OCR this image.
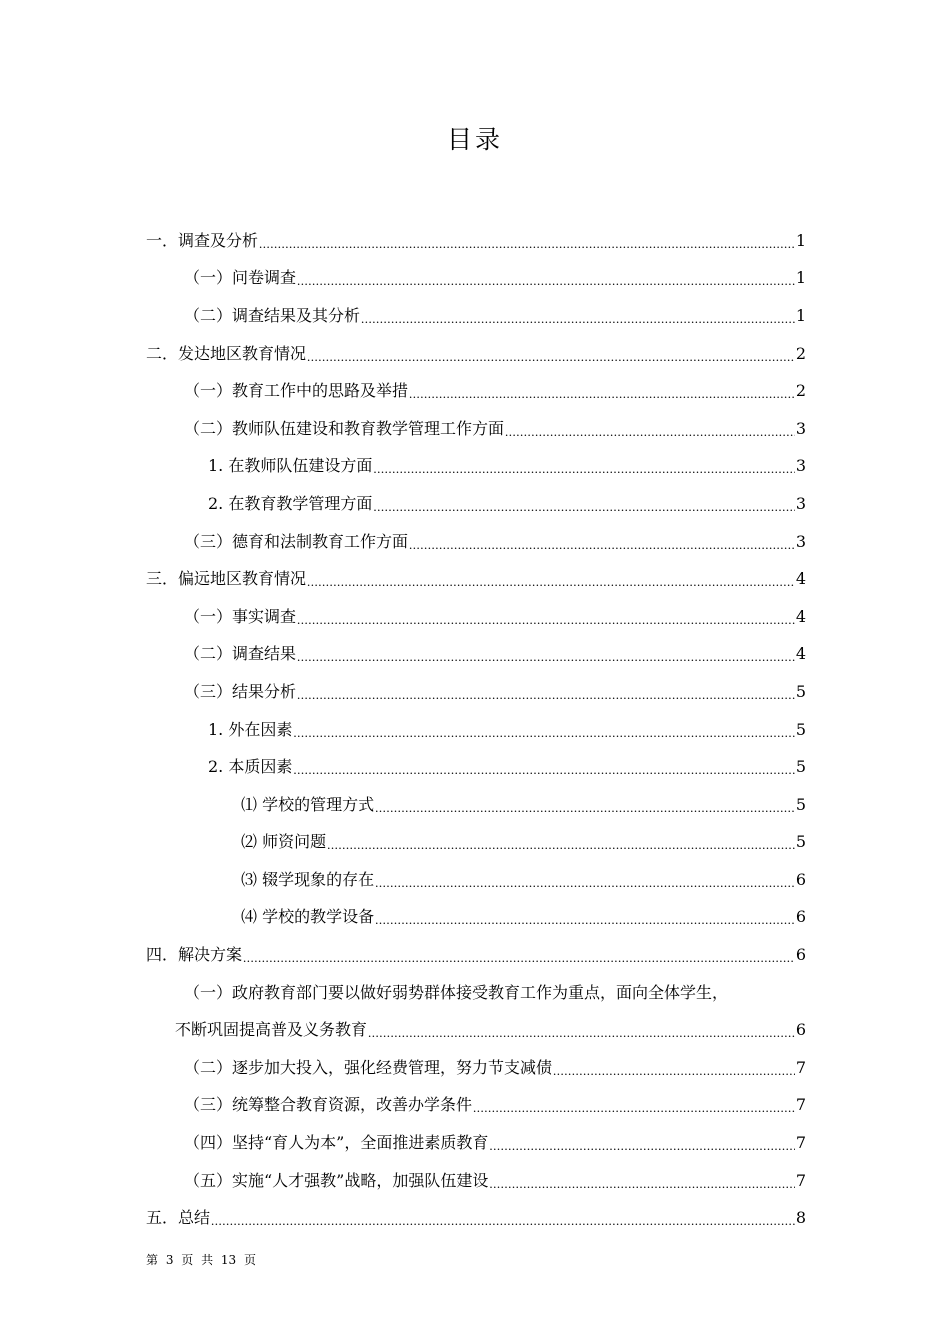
目录
一．调查及分析 .....	1
（一）问卷调查 .....	1
（二）调查结果及其分析 .....	1
二．发达地区教育情况 .....	2
（一）教育工作中的思路及举措 .....	2
（二）教师队伍建设和教育教学管理工作方面 .....	3
1. 在教师队伍建设方面 .....	3
2. 在教育教学管理方面 .....	3
（三）德育和法制教育工作方面 .....	3
三．偏远地区教育情况 .....	4
（一）事实调查 .....	4
（二）调查结果 .....	4
（三）结果分析 .....	5
1. 外在因素 .....	5
2. 本质因素 .....	5
⑴ 学校的管理方式 .....	5
⑵ 师资问题 .....	5
⑶ 辍学现象的存在 .....	6
⑷ 学校的教学设备 .....	6
四．解决方案 .....	6
（一）政府教育部门要以做好弱势群体接受教育工作为重点，面向全体学生，
不断巩固提高普及义务教育 .....	6
（二）逐步加大投入，强化经费管理，努力节支减债 .....	7
（三）统筹整合教育资源，改善办学条件 .....	7
（四）坚持“育人为本”，全面推进素质教育 .....	7
（五）实施“人才强教”战略，加强队伍建设 .....	7
五．总结 .....	8
第 3 页 共 13 页
